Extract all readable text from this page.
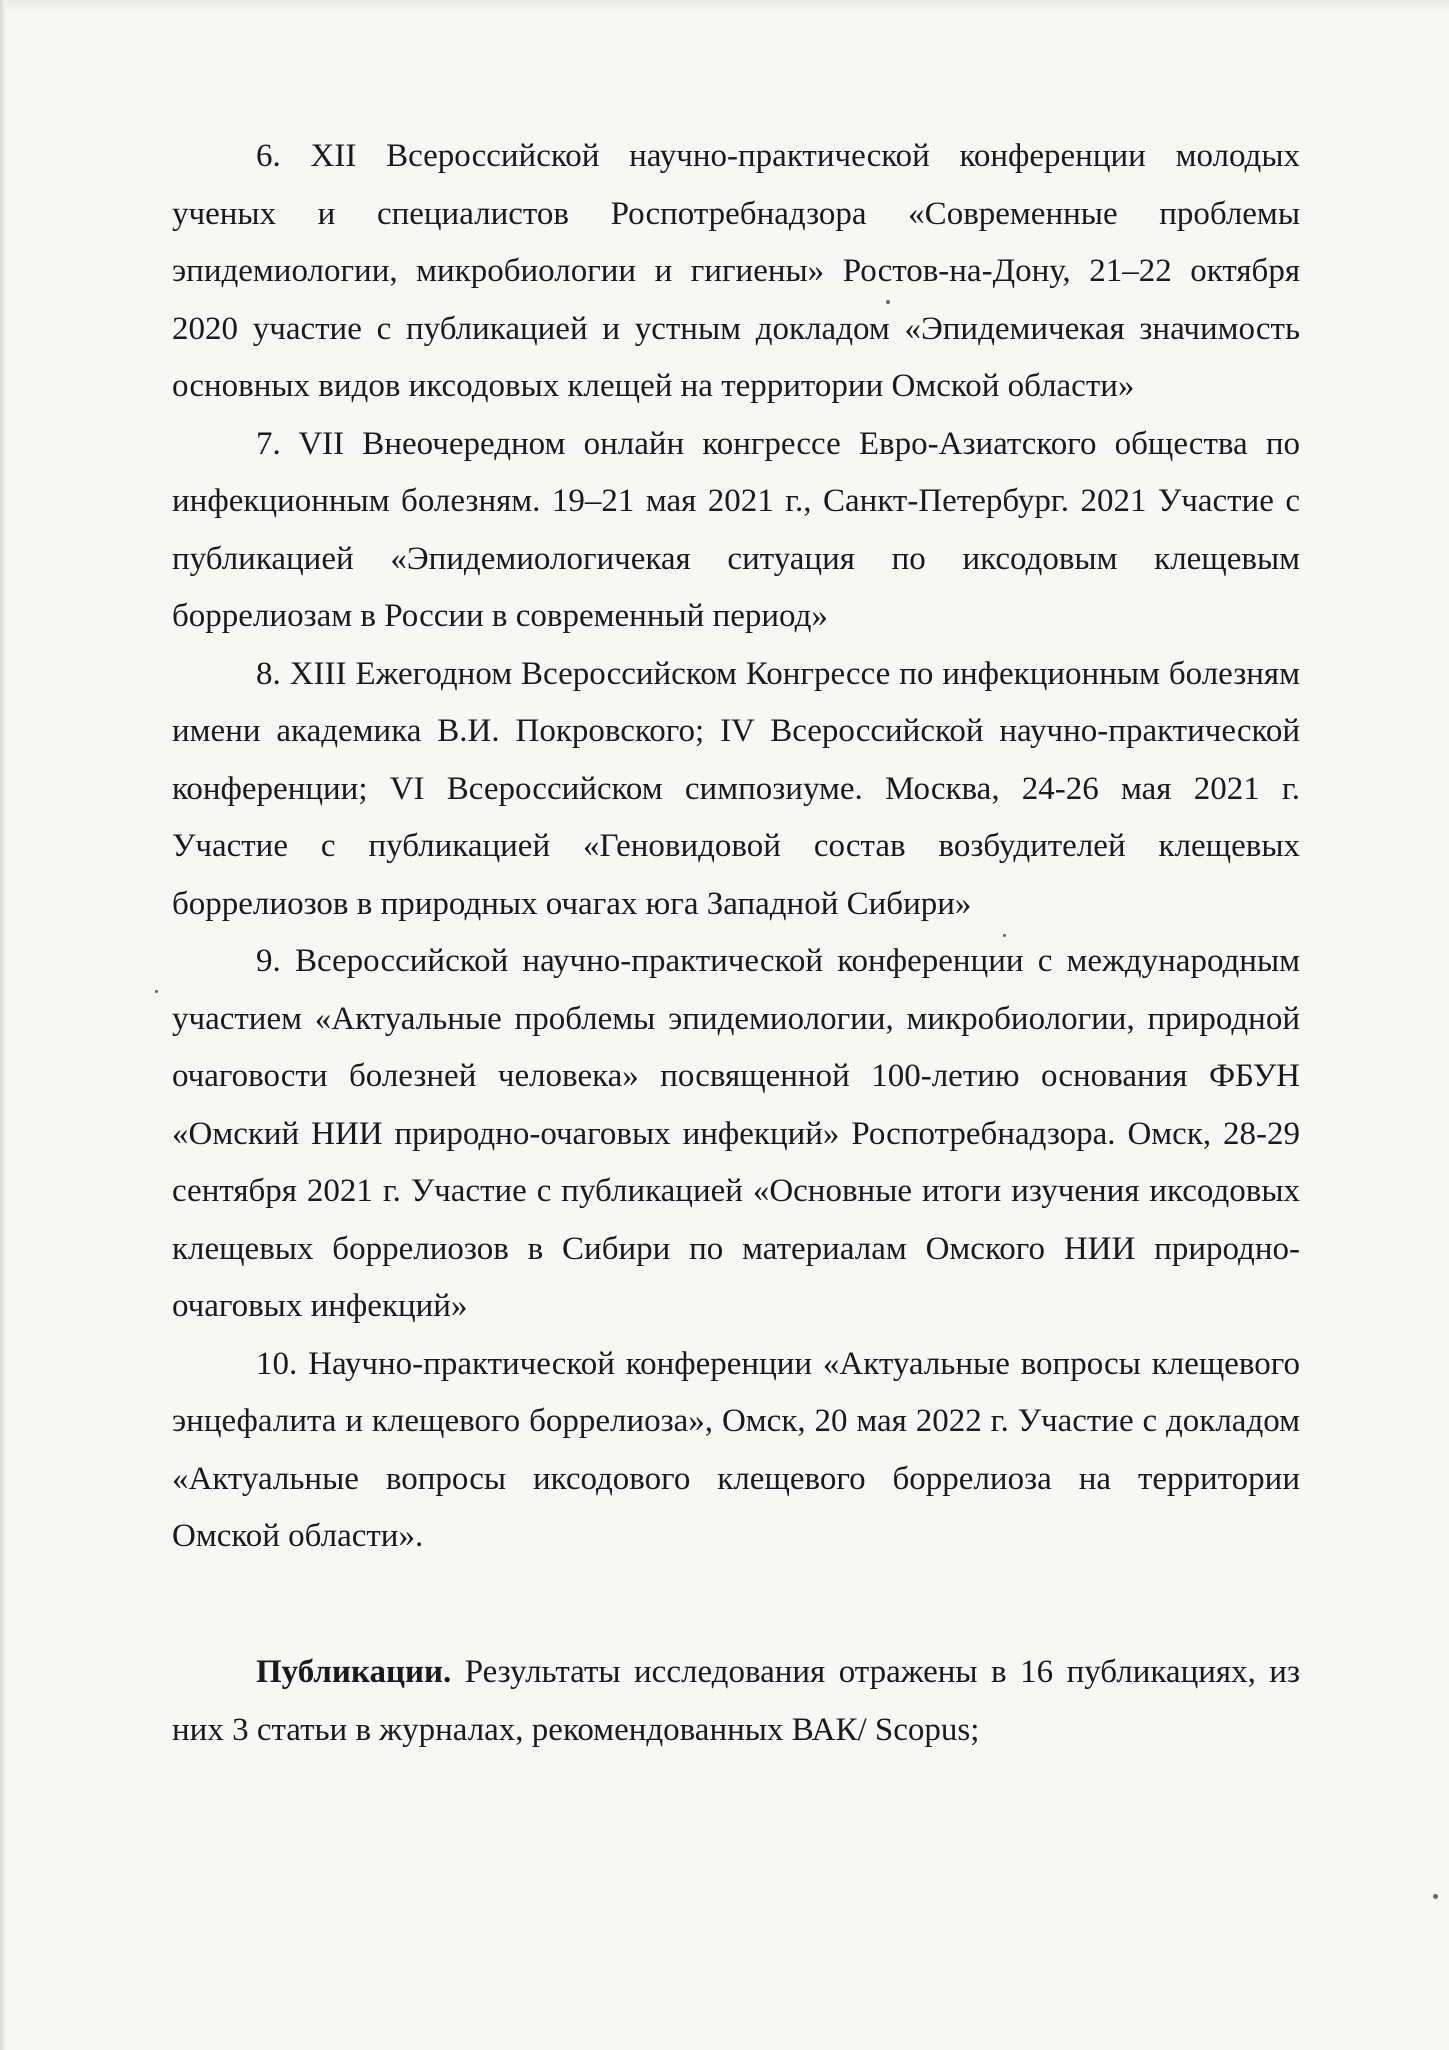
6. XII Всероссийской научно-практической конференции молодых ученых и специалистов Роспотребнадзора «Современные проблемы эпидемиологии, микробиологии и гигиены» Ростов-на-Дону, 21–22 октября 2020 участие с публикацией и устным докладом «Эпидемичекая значимость основных видов иксодовых клещей на территории Омской области»

7. VII Внеочередном онлайн конгрессе Евро-Азиатского общества по инфекционным болезням. 19–21 мая 2021 г., Санкт-Петербург. 2021 Участие с публикацией «Эпидемиологичекая ситуация по иксодовым клещевым боррелиозам в России в современный период»

8. XIII Ежегодном Всероссийском Конгрессе по инфекционным болезням имени академика В.И. Покровского; IV Всероссийской научно-практической конференции; VI Всероссийском симпозиуме. Москва, 24-26 мая 2021 г. Участие с публикацией «Геновидовой состав возбудителей клещевых боррелиозов в природных очагах юга Западной Сибири»

9. Всероссийской научно-практической конференции с международным участием «Актуальные проблемы эпидемиологии, микробиологии, природной очаговости болезней человека» посвященной 100-летию основания ФБУН «Омский НИИ природно-очаговых инфекций» Роспотребнадзора. Омск, 28-29 сентября 2021 г. Участие с публикацией «Основные итоги изучения иксодовых клещевых боррелиозов в Сибири по материалам Омского НИИ природно-очаговых инфекций»

10. Научно-практической конференции «Актуальные вопросы клещевого энцефалита и клещевого боррелиоза», Омск, 20 мая 2022 г. Участие с докладом «Актуальные вопросы иксодового клещевого боррелиоза на территории Омской области».

Публикации. Результаты исследования отражены в 16 публикациях, из них 3 статьи в журналах, рекомендованных ВАК/ Scopus;
